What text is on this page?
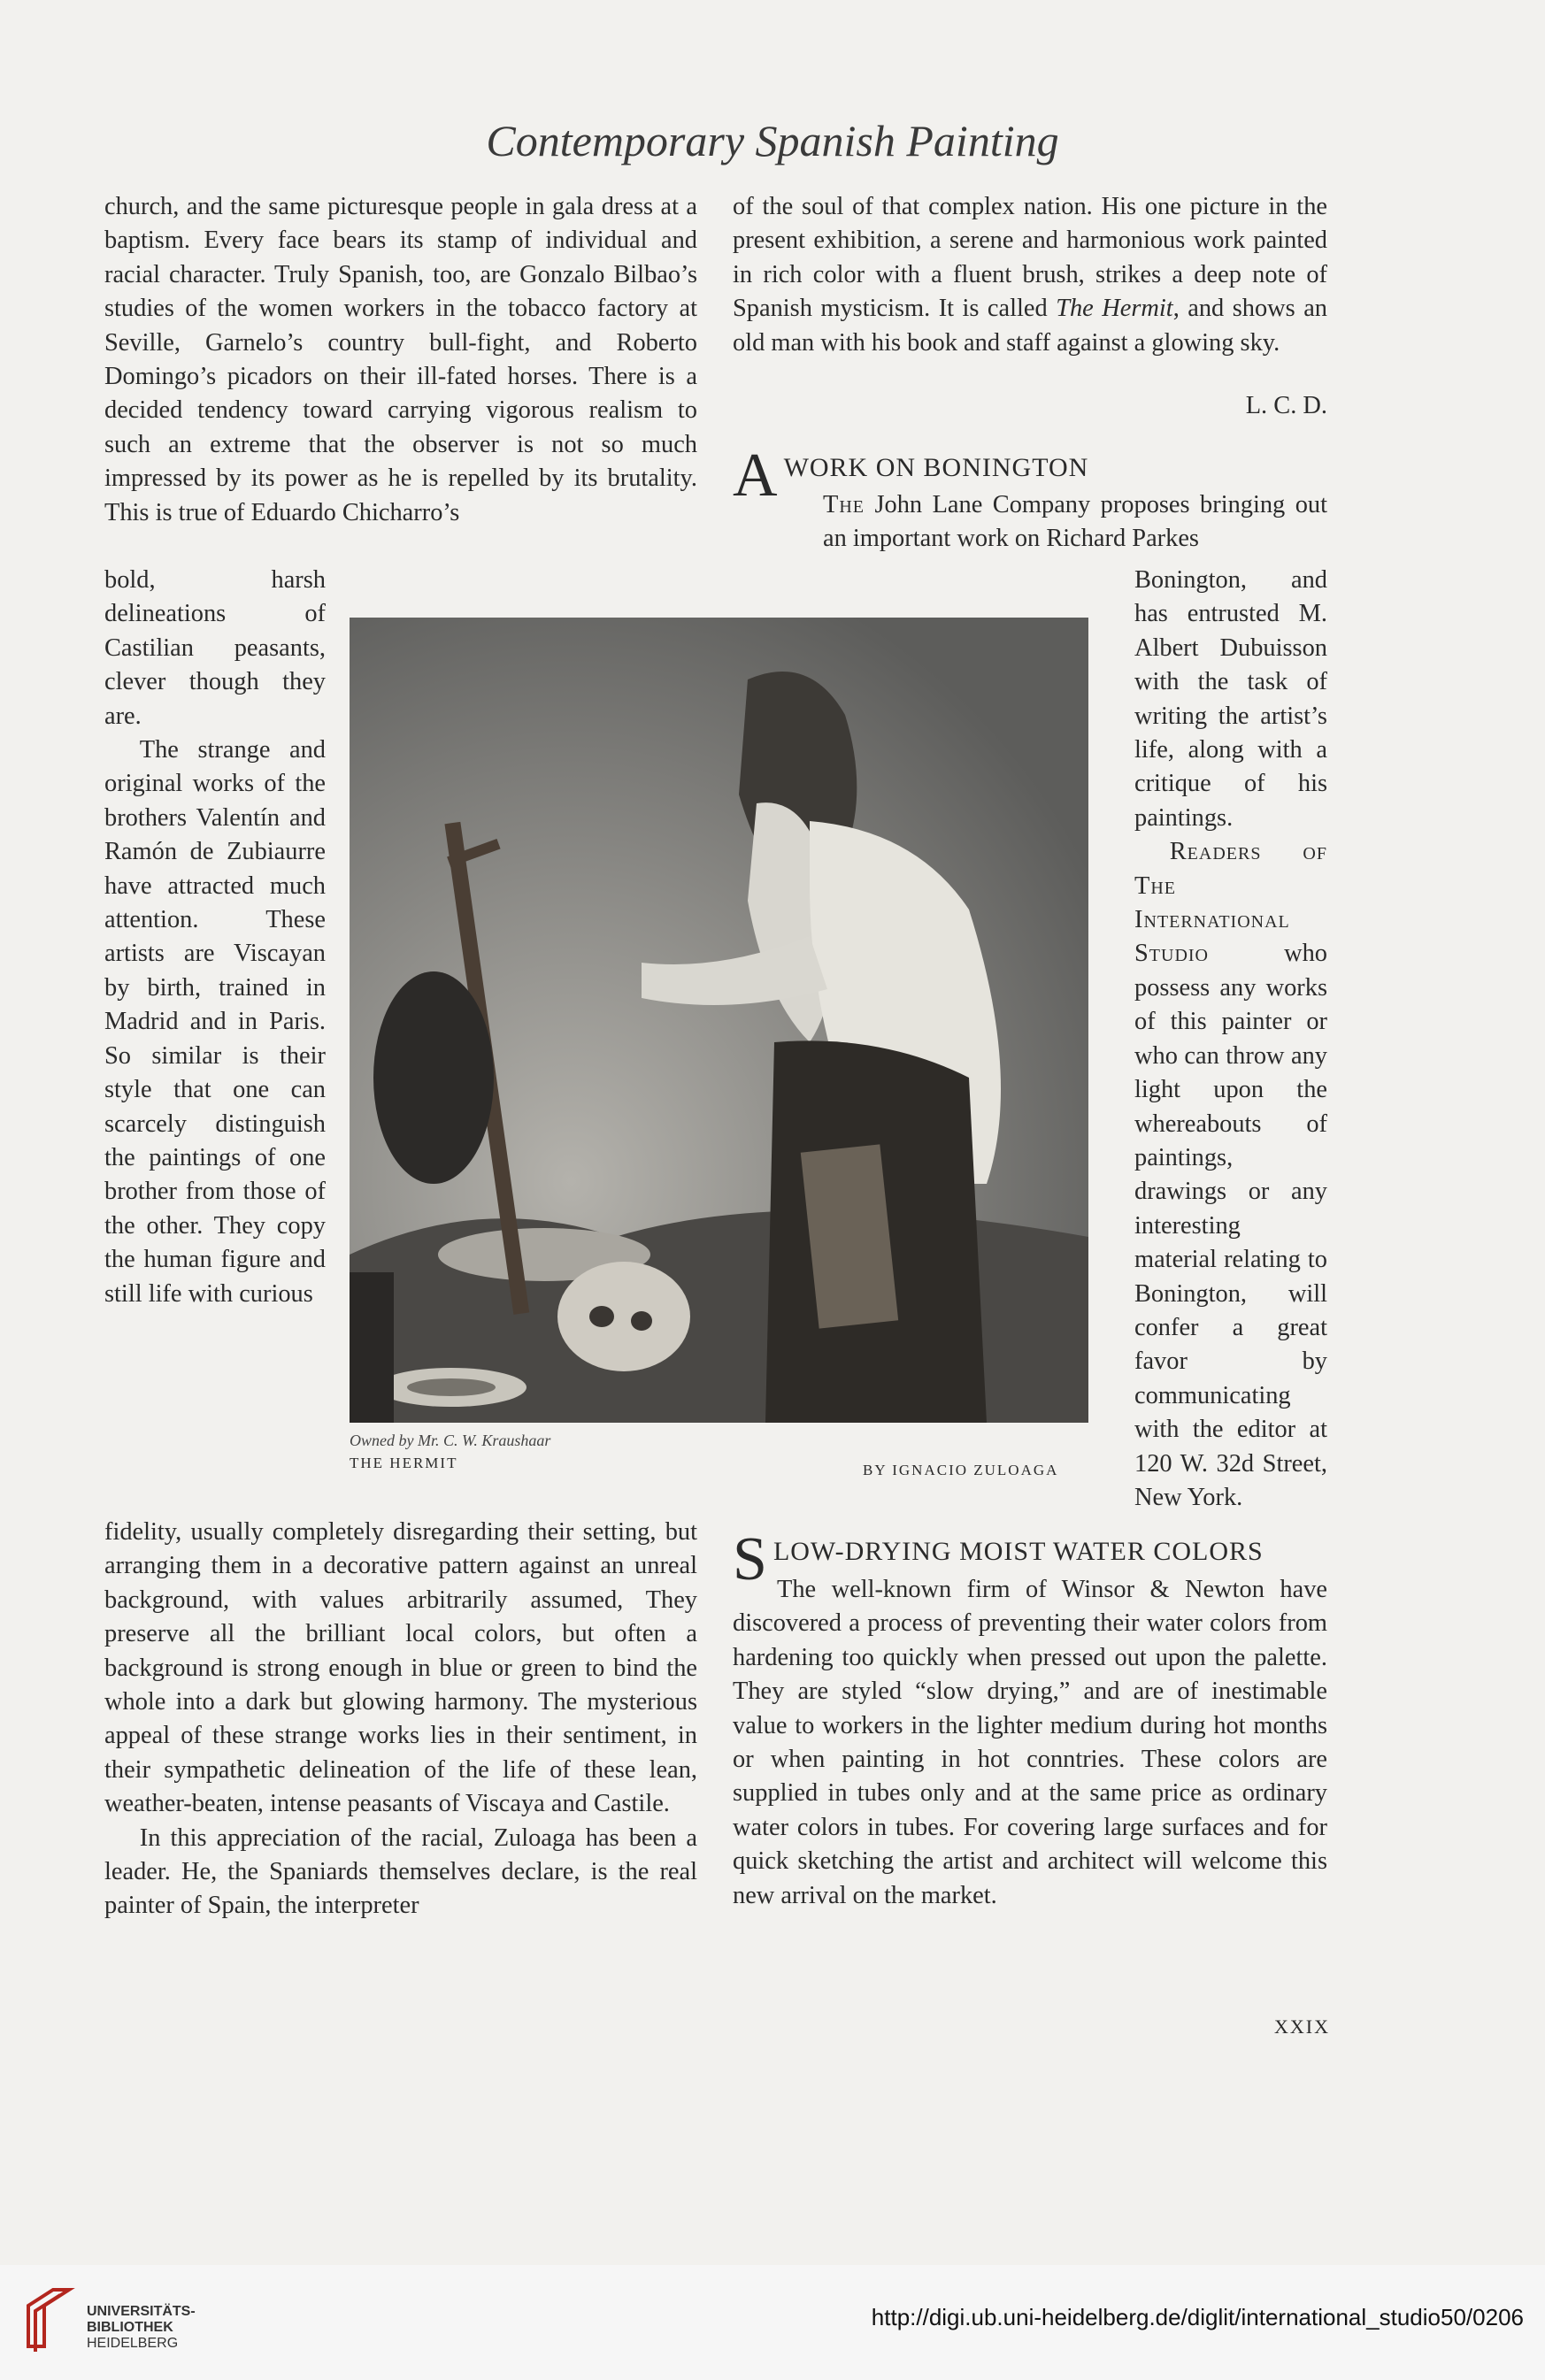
Contemporary Spanish Painting

church, and the same picturesque people in gala dress at a baptism. Every face bears its stamp of individual and racial character. Truly Spanish, too, are Gonzalo Bilbao’s studies of the women workers in the tobacco factory at Seville, Garnelo’s country bull-fight, and Roberto Domingo’s picadors on their ill-fated horses. There is a decided tendency toward carrying vigorous realism to such an extreme that the observer is not so much impressed by its power as he is repelled by its brutality. This is true of Eduardo Chicharro’s

bold, harsh delineations of Castilian peasants, clever though they are.

The strange and original works of the brothers Valentín and Ramón de Zubiaurre have attracted much attention. These artists are Viscayan by birth, trained in Madrid and in Paris. So similar is their style that one can scarcely distinguish the paintings of one brother from those of the other. They copy the human figure and still life with curious

fidelity, usually completely disregarding their setting, but arranging them in a decorative pattern against an unreal background, with values arbitrarily assumed, They preserve all the brilliant local colors, but often a background is strong enough in blue or green to bind the whole into a dark but glowing harmony. The mysterious appeal of these strange works lies in their sentiment, in their sympathetic delineation of the life of these lean, weather-beaten, intense peasants of Viscaya and Castile.

In this appreciation of the racial, Zuloaga has been a leader. He, the Spaniards themselves declare, is the real painter of Spain, the interpreter

of the soul of that complex nation. His one picture in the present exhibition, a serene and harmonious work painted in rich color with a fluent brush, strikes a deep note of Spanish mysticism. It is called The Hermit, and shows an old man with his book and staff against a glowing sky.

L. C. D.
AWORK ON BONINGTON

The John Lane Company proposes bringing out an important work on Richard Parkes

Bonington, and has entrusted M. Albert Dubuisson with the task of writing the artist’s life, along with a critique of his paintings.

Readers of The International Studio who possess any works of this painter or who can throw any light upon the whereabouts of paintings, drawings or any interesting material relating to Bonington, will confer a great favor by communicating with the editor at 120 W. 32d Street, New York.

SLOW-DRYING MOIST WATER COLORS

The well-known firm of Winsor & Newton have discovered a process of preventing their water colors from hardening too quickly when pressed out upon the palette. They are styled “slow drying,” and are of inestimable value to workers in the lighter medium during hot months or when painting in hot conntries. These colors are supplied in tubes only and at the same price as ordinary water colors in tubes. For covering large surfaces and for quick sketching the artist and architect will welcome this new arrival on the market.

Owned by Mr. C. W. Kraushaar
THE HERMIT	BY IGNACIO ZULOAGA
XXIX
UNIVERSITÄTS-
BIBLIOTHEK
HEIDELBERG
http://digi.ub.uni-heidelberg.de/diglit/international_studio50/0206
